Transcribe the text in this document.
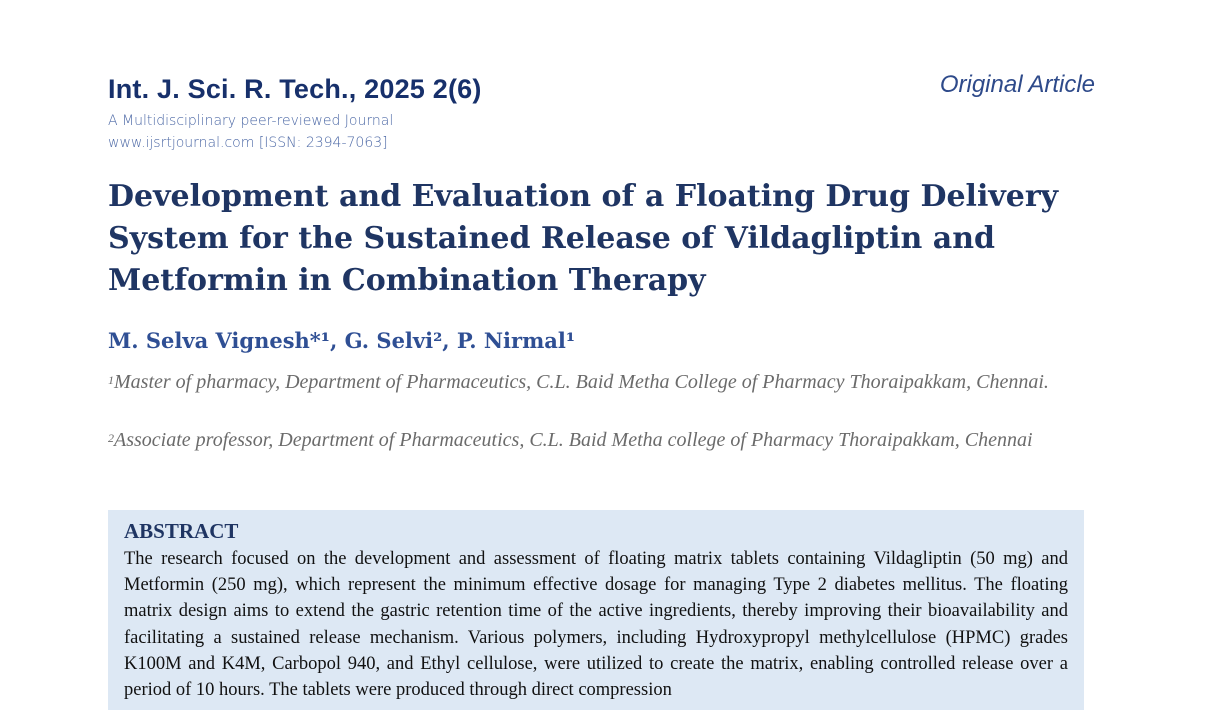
Int. J. Sci. R. Tech., 2025 2(6)	Original Article
A Multidisciplinary peer-reviewed Journal
www.ijsrtjournal.com [ISSN: 2394-7063]
Development and Evaluation of a Floating Drug Delivery System for the Sustained Release of Vildagliptin and Metformin in Combination Therapy
M. Selva Vignesh*¹, G. Selvi², P. Nirmal¹
$^1$Master of pharmacy, Department of Pharmaceutics, C.L. Baid Metha College of Pharmacy Thoraipakkam, Chennai.
$^2$Associate professor, Department of Pharmaceutics, C.L. Baid Metha college of Pharmacy Thoraipakkam, Chennai
ABSTRACT
The research focused on the development and assessment of floating matrix tablets containing Vildagliptin (50 mg) and Metformin (250 mg), which represent the minimum effective dosage for managing Type 2 diabetes mellitus. The floating matrix design aims to extend the gastric retention time of the active ingredients, thereby improving their bioavailability and facilitating a sustained release mechanism. Various polymers, including Hydroxypropyl methylcellulose (HPMC) grades K100M and K4M, Carbopol 940, and Ethyl cellulose, were utilized to create the matrix, enabling controlled release over a period of 10 hours. The tablets were produced through direct compression
